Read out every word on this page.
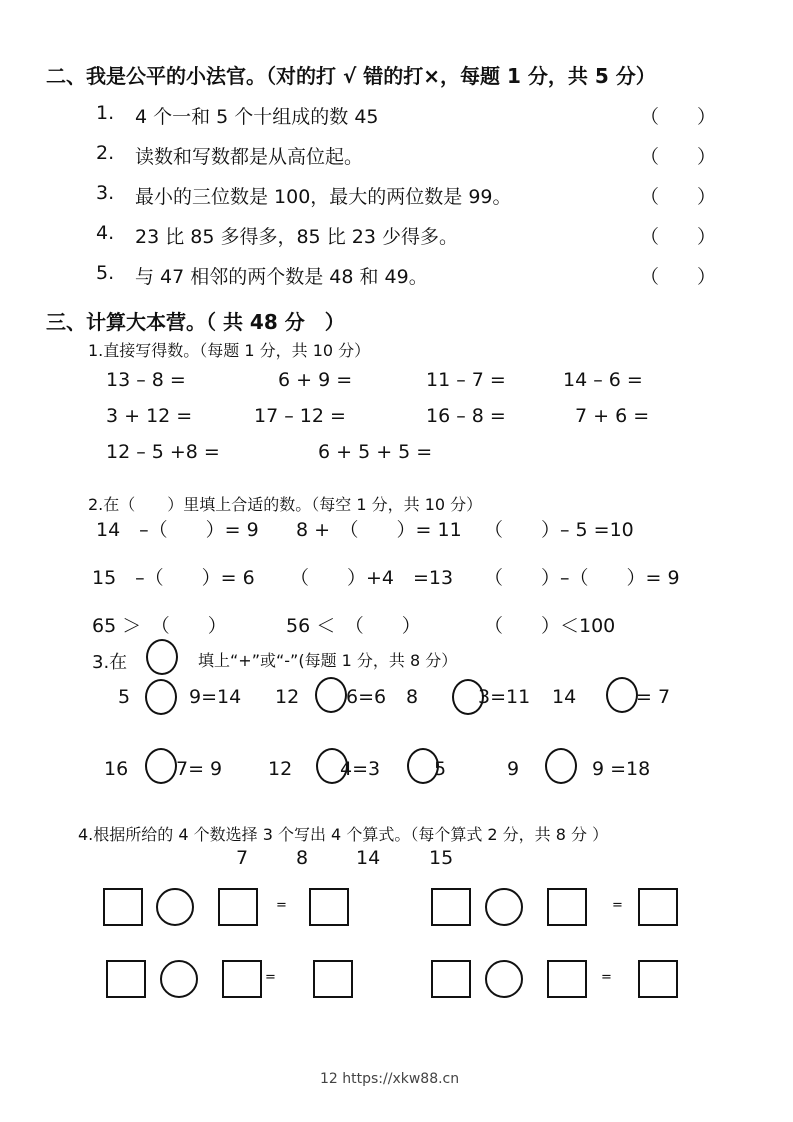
二、我是公平的小法官。（对的打 √ 错的打×，每题 1 分，共 5 分）
1. 4 个一和 5 个十组成的数 45	（　　）
2. 读数和写数都是从高位起。	（　　）
3. 最小的三位数是 100，最大的两位数是 99。	（　　）
4. 23 比 85 多得多，85 比 23 少得多。	（　　）
5. 与 47 相邻的两个数是 48 和 49。	（　　）
三、计算大本营。（ 共 48 分　）
1.直接写得数。（每题 1 分，共 10 分）
13 – 8 =	6 + 9 =	11 – 7 =	14 – 6 =
3 + 12 =	17 – 12 =	16 – 8 =	7 + 6 =
12 – 5 +8 =	6 + 5 + 5 =
2.在（　　）里填上合适的数。（每空 1 分，共 10 分）
14　–（　　）= 9 8 +　（　　）= 11 （　　）– 5 =10
15　–（　　）= 6 （　　）+4　=13 （　　）–（　　）= 9
65 ＞　（　　）	56 ＜　（　　）	（　　）＜100
3.在	填上“+”或“-”(每题 1 分，共 8 分）
5	9=14 12 6=6 8	3=11 14	= 7
16	7= 9 12	4=3	5	9	9 =18
4.根据所给的 4 个数选择 3 个写出 4 个算式。（每个算式 2 分，共 8 分 ）
7	8	14	15
=	=
=	=
12 https://xkw88.cn
